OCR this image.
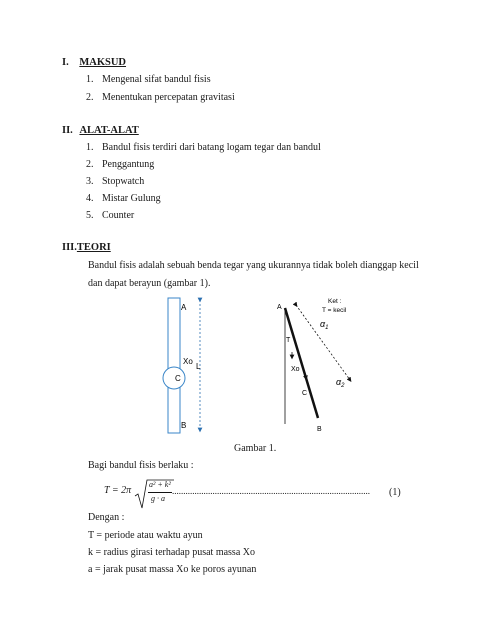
I. MAKSUD
1. Mengenal sifat bandul fisis
2. Menentukan percepatan gravitasi
II. ALAT-ALAT
1. Bandul fisis terdiri dari batang logam tegar dan bandul
2. Penggantung
3. Stopwatch
4. Mistar Gulung
5. Counter
III.TEORI
Bandul fisis adalah sebuah benda tegar yang ukurannya tidak boleh dianggap kecil
dan dapat berayun (gambar 1).
A
Xo
L
C
B
A
Ket :
T = kecil
T
Xo
C
B
$\alpha_1$
$\alpha_2$
Gambar 1.
Bagi bandul fisis berlaku :
T = 2π
a² + k²
g · a
........................................................................................ (1)
Dengan :
T = periode atau waktu ayun
k = radius girasi terhadap pusat massa Xo
a = jarak pusat massa Xo ke poros ayunan
